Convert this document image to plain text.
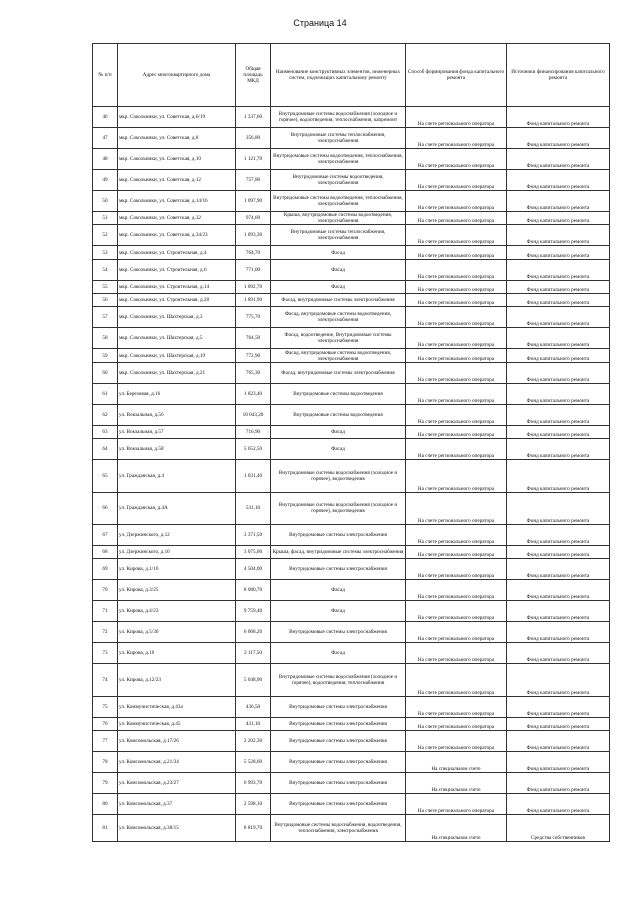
Страница 14
№ п/п	Адрес многоквартирного дома	Общая площадь МКД	Наименование конструктивных элементов, инженерных систем, подлежащих капитальному ремонту	Способ формирования фонда капитального ремонта	Источники финансирования капитального ремонта
46	мкр. Сокольники, ул. Советская, д.6/19	1 337,60	Внутридомовые системы водоснабжения (холодное и горячее), водоотведения, теплоснабжения, капремонт	На счете регионального оператора	Фонд капитального ремонта
47	мкр. Сокольники, ул. Советская, д.8	356,80	Внутридомовые системы теплоснабжения, электроснабжения	На счете регионального оператора	Фонд капитального ремонта
48	мкр. Сокольники, ул. Советская, д.10	1 121,70	Внутридомовые системы водоотведения, теплоснабжения, электроснабжения	На счете регионального оператора	Фонд капитального ремонта
49	мкр. Сокольники, ул. Советская, д.12	757,80	Внутридомовые системы водоотведения, электроснабжения	На счете регионального оператора	Фонд капитального ремонта
50	мкр. Сокольники, ул. Советская, д.14/16	1 097,90	Внутридомовые системы водоотведения, теплоснабжения, электроснабжения	На счете регионального оператора	Фонд капитального ремонта
51	мкр. Сокольники, ул. Советская, д.32	974,60	Крыша, внутридомовые системы водоотведения, электроснабжения	На счете регионального оператора	Фонд капитального ремонта
52	мкр. Сокольники, ул. Советская, д.34/23	1 093,30	Внутридомовые системы теплоснабжения, электроснабжения	На счете регионального оператора	Фонд капитального ремонта
53	мкр. Сокольники, ул. Строительная, д.4	764,70	Фасад	На счете регионального оператора	Фонд капитального ремонта
54	мкр. Сокольники, ул. Строительная, д.6	771,00	Фасад	На счете регионального оператора	Фонд капитального ремонта
55	мкр. Сокольники, ул. Строительная, д.14	1 092,70	Фасад	На счете регионального оператора	Фонд капитального ремонта
56	мкр. Сокольники, ул. Строительная, д.20	1 891,90	Фасад, внутридомовые системы электроснабжения	На счете регионального оператора	Фонд капитального ремонта
57	мкр. Сокольники, ул. Шахтерская, д.3	775,70	Фасад, внутридомовые системы водоотведения, электроснабжения	На счете регионального оператора	Фонд капитального ремонта
58	мкр. Сокольники, ул. Шахтерская, д.5	764,50	Фасад, водоотведение, Внутридомовые системы электроснабжения	На счете регионального оператора	Фонд капитального ремонта
59	мкр. Сокольники, ул. Шахтерская, д.19	772,90	Фасад, внутридомовые системы водоотведения, электроснабжения	На счете регионального оператора	Фонд капитального ремонта
60	мкр. Сокольники, ул. Шахтерская, д.21	765,30	Фасад, внутридомовые системы электроснабжения	На счете регионального оператора	Фонд капитального ремонта
61	ул. Березовая, д.16	1 823,40	Внутридомовые системы водоотведения	На счете регионального оператора	Фонд капитального ремонта
62	ул. Вокзальная, д.56	10 043,20	Внутридомовые системы водоотведения	На счете регионального оператора	Фонд капитального ремонта
63	ул. Вокзальная, д.57	716,90	Фасад	На счете регионального оператора	Фонд капитального ремонта
64	ул. Вокзальная, д.58	5 652,50	Фасад	На счете регионального оператора	Фонд капитального ремонта
65	ул. Гражданская, д.4	1 031,40	Внутридомовые системы водоснабжения (холодное и горячее), водоотведения	На счете регионального оператора	Фонд капитального ремонта
66	ул. Гражданская, д.4А	531,10	Внутридомовые системы водоснабжения (холодное и горячее), водоотведения	На счете регионального оператора	Фонд капитального ремонта
67	ул. Дзержинского, д.12	3 371,50	Внутридомовые системы электроснабжения	На счете регионального оператора	Фонд капитального ремонта
68	ул. Дзержинского, д.16	3 075,00	Крыша, фасад, внутридомовые системы электроснабжения	На счете регионального оператора	Фонд капитального ремонта
69	ул. Кирова, д.1/16	4 504,00	Внутридомовые системы электроснабжения	На счете регионального оператора	Фонд капитального ремонта
70	ул. Кирова, д.3/25	8 080,70	Фасад	На счете регионального оператора	Фонд капитального ремонта
71	ул. Кирова, д.4/23	9 759,40	Фасад	На счете регионального оператора	Фонд капитального ремонта
72	ул. Кирова, д.5/30	6 068,20	Внутридомовые системы электроснабжения	На счете регионального оператора	Фонд капитального ремонта
73	ул. Кирова, д.10	2 117,50	Фасад	На счете регионального оператора	Фонд капитального ремонта
74	ул. Кирова, д.12/23	5 048,90	Внутридомовые системы водоснабжения (холодное и горячее), водоотведения, теплоснабжения	На счете регионального оператора	Фонд капитального ремонта
75	ул. Коммунистическая, д.43а	436,50	Внутридомовые системы электроснабжения	На счете регионального оператора	Фонд капитального ремонта
76	ул. Коммунистическая, д.45	431,10	Внутридомовые системы электроснабжения	На счете регионального оператора	Фонд капитального ремонта
77	ул. Комсомольская, д.17/26	2 202,30	Внутридомовые системы электроснабжения	На счете регионального оператора	Фонд капитального ремонта
78	ул. Комсомольская, д.21/34	5 528,60	Внутридомовые системы электроснабжения	На специальном счете	Фонд капитального ремонта
79	ул. Комсомольская, д.23/27	6 993,70	Внутридомовые системы электроснабжения	На специальном счете	Фонд капитального ремонта
80	ул. Комсомольская, д.37	2 598,10	Внутридомовые системы электроснабжения	На счете регионального оператора	Фонд капитального ремонта
81	ул. Комсомольская, д.38/15	8 819,70	Внутридомовые системы водоснабжения, водоотведения, теплоснабжения, электроснабжения	На специальном счете	Средства собственников
